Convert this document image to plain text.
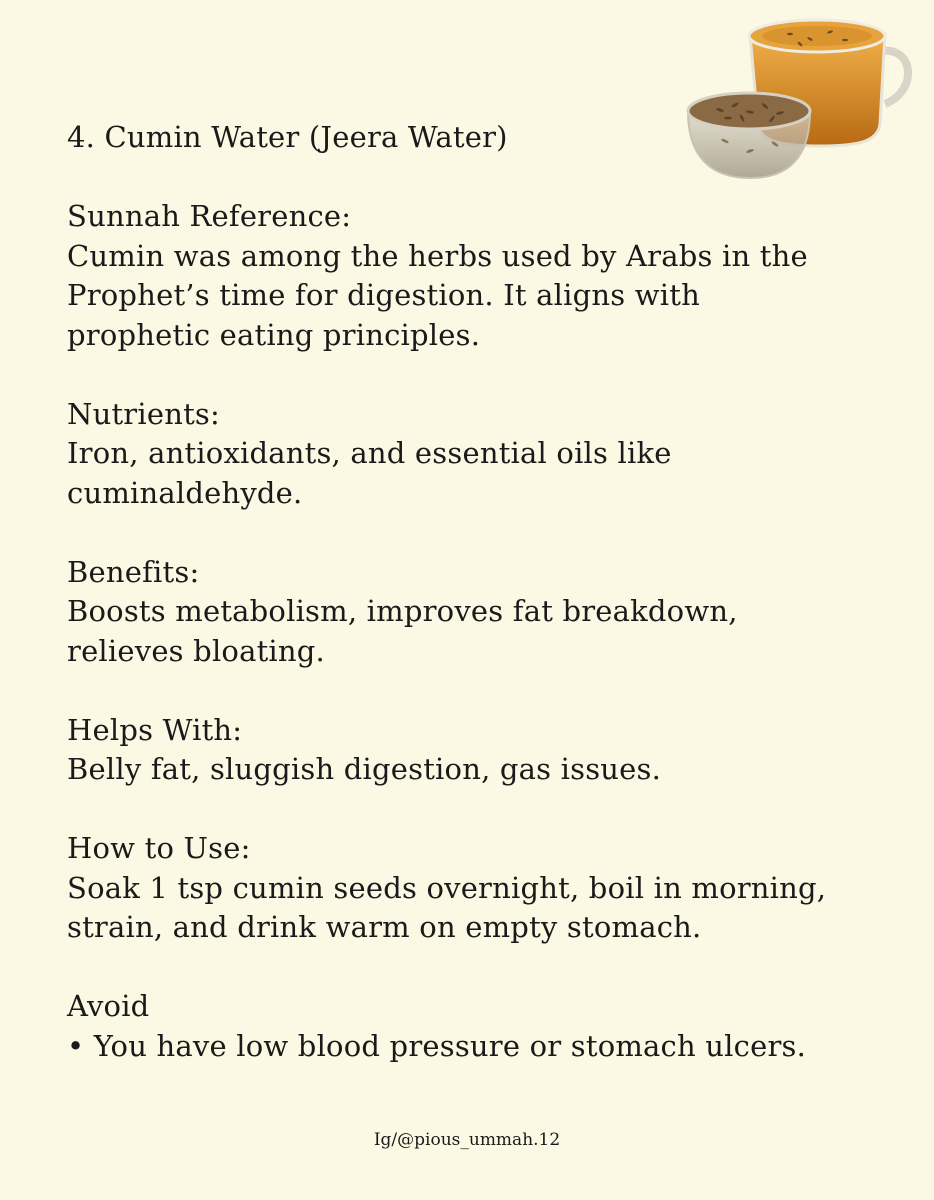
4. Cumin Water (Jeera Water)

Sunnah Reference:

Cumin was among the herbs used by Arabs in the

Prophet’s time for digestion. It aligns with

prophetic eating principles.

Nutrients:

Iron, antioxidants, and essential oils like

cuminaldehyde.

Benefits:

Boosts metabolism, improves fat breakdown,

relieves bloating.

Helps With:

Belly fat, sluggish digestion, gas issues.

How to Use:

Soak 1 tsp cumin seeds overnight, boil in morning,

strain, and drink warm on empty stomach.

Avoid

• You have low blood pressure or stomach ulcers.

Ig/@pious_ummah.12
